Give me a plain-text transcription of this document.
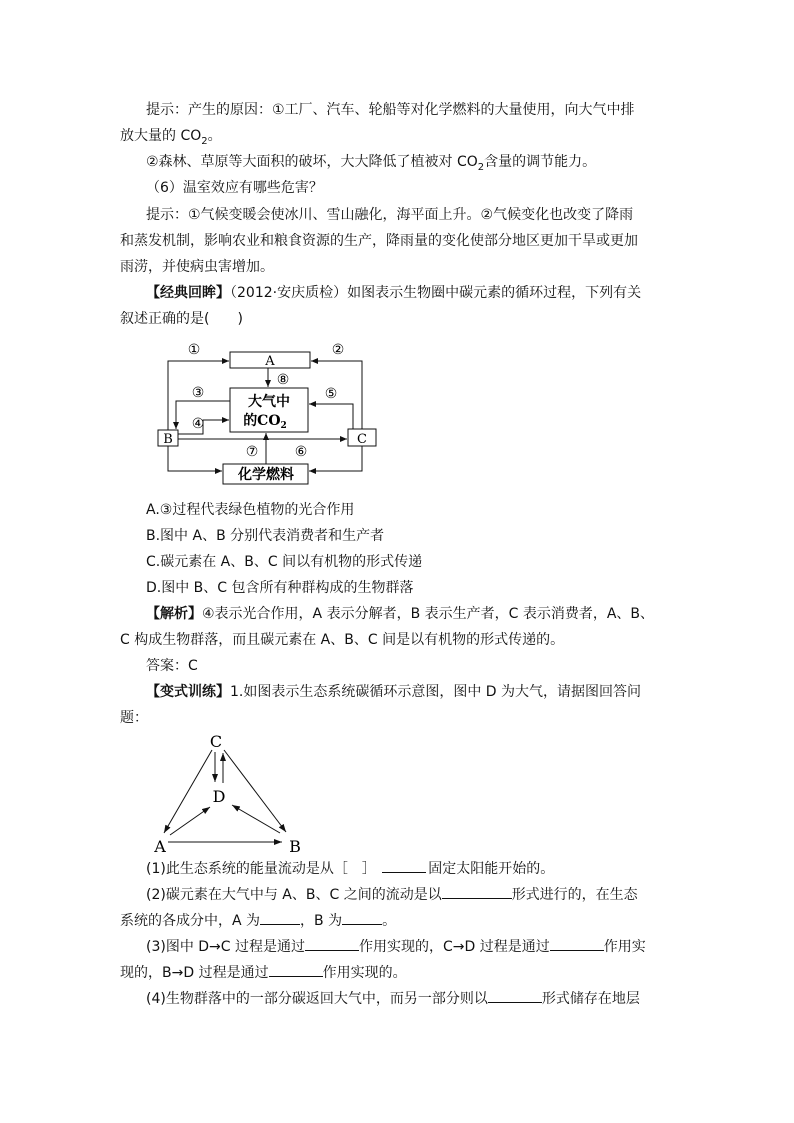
提示：产生的原因：①工厂、汽车、轮船等对化学燃料的大量使用，向大气中排
放大量的 $CO_2$。
②森林、草原等大面积的破坏，大大降低了植被对 $CO_2$含量的调节能力。
（6）温室效应有哪些危害？
提示：①气候变暖会使冰川、雪山融化，海平面上升。②气候变化也改变了降雨
和蒸发机制，影响农业和粮食资源的生产，降雨量的变化使部分地区更加干旱或更加
雨涝，并使病虫害增加。
【经典回眸】（2012·安庆质检）如图表示生物圈中碳元素的循环过程，下列有关
叙述正确的是(　　)
A
B	C
大气中
的$CO_2$
化学燃料
①	②
⑧
③
④
⑤
⑦	⑥
A.③过程代表绿色植物的光合作用
B.图中 A、B 分别代表消费者和生产者
C.碳元素在 A、B、C 间以有机物的形式传递
D.图中 B、C 包含所有种群构成的生物群落
【解析】④表示光合作用，A 表示分解者，B 表示生产者，C 表示消费者，A、B、
C 构成生物群落，而且碳元素在 A、B、C 间是以有机物的形式传递的。
答案：C
【变式训练】1.如图表示生态系统碳循环示意图，图中 D 为大气，请据图回答问
题：
C
D
A	B
(1)此生态系统的能量流动是从［　］	固定太阳能开始的。
(2)碳元素在大气中与 A、B、C 之间的流动是以	形式进行的，在生态
系统的各成分中，A 为	，B 为	。
(3)图中 D→C 过程是通过	作用实现的，C→D 过程是通过	作用实
现的，B→D 过程是通过	作用实现的。
(4)生物群落中的一部分碳返回大气中，而另一部分则以	形式储存在地层
